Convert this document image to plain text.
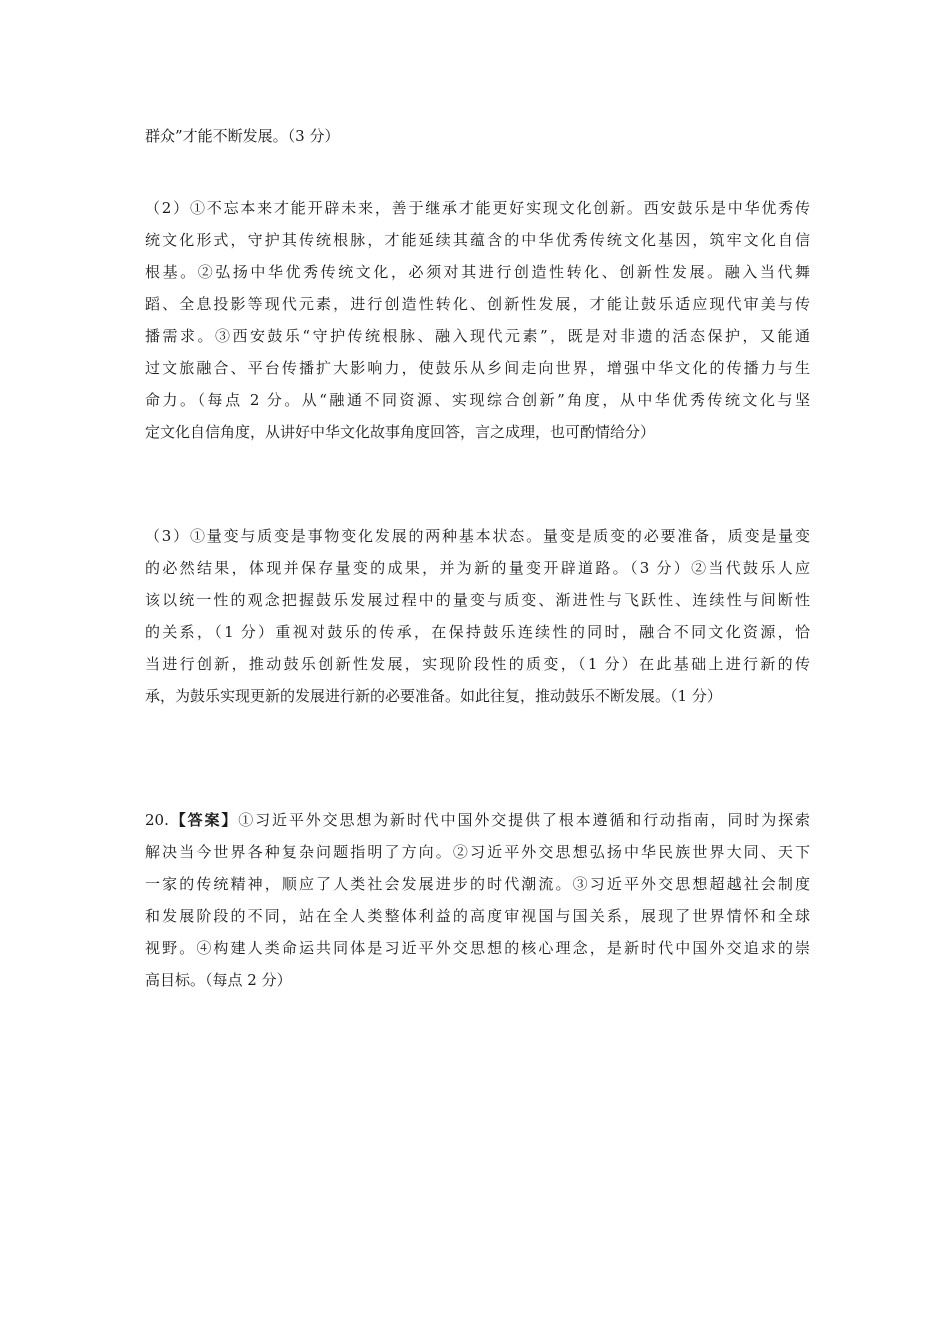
群众”才能不断发展。（3 分）
（2）①不忘本来才能开辟未来，善于继承才能更好实现文化创新。西安鼓乐是中华优秀传
统文化形式，守护其传统根脉，才能延续其蕴含的中华优秀传统文化基因，筑牢文化自信
根基。②弘扬中华优秀传统文化，必须对其进行创造性转化、创新性发展。融入当代舞
蹈、全息投影等现代元素，进行创造性转化、创新性发展，才能让鼓乐适应现代审美与传
播需求。③西安鼓乐“守护传统根脉、融入现代元素”，既是对非遗的活态保护，又能通
过文旅融合、平台传播扩大影响力，使鼓乐从乡间走向世界，增强中华文化的传播力与生
命力。（每点 2 分。从“融通不同资源、实现综合创新”角度，从中华优秀传统文化与坚
定文化自信角度，从讲好中华文化故事角度回答，言之成理，也可酌情给分）
（3）①量变与质变是事物变化发展的两种基本状态。量变是质变的必要准备，质变是量变
的必然结果，体现并保存量变的成果，并为新的量变开辟道路。（3 分）②当代鼓乐人应
该以统一性的观念把握鼓乐发展过程中的量变与质变、渐进性与飞跃性、连续性与间断性
的关系，（1 分）重视对鼓乐的传承，在保持鼓乐连续性的同时，融合不同文化资源，恰
当进行创新，推动鼓乐创新性发展，实现阶段性的质变，（1 分）在此基础上进行新的传
承，为鼓乐实现更新的发展进行新的必要准备。如此往复，推动鼓乐不断发展。（1 分）
20.【答案】①习近平外交思想为新时代中国外交提供了根本遵循和行动指南，同时为探索
解决当今世界各种复杂问题指明了方向。②习近平外交思想弘扬中华民族世界大同、天下
一家的传统精神，顺应了人类社会发展进步的时代潮流。③习近平外交思想超越社会制度
和发展阶段的不同，站在全人类整体利益的高度审视国与国关系，展现了世界情怀和全球
视野。④构建人类命运共同体是习近平外交思想的核心理念，是新时代中国外交追求的崇
高目标。（每点 2 分）
